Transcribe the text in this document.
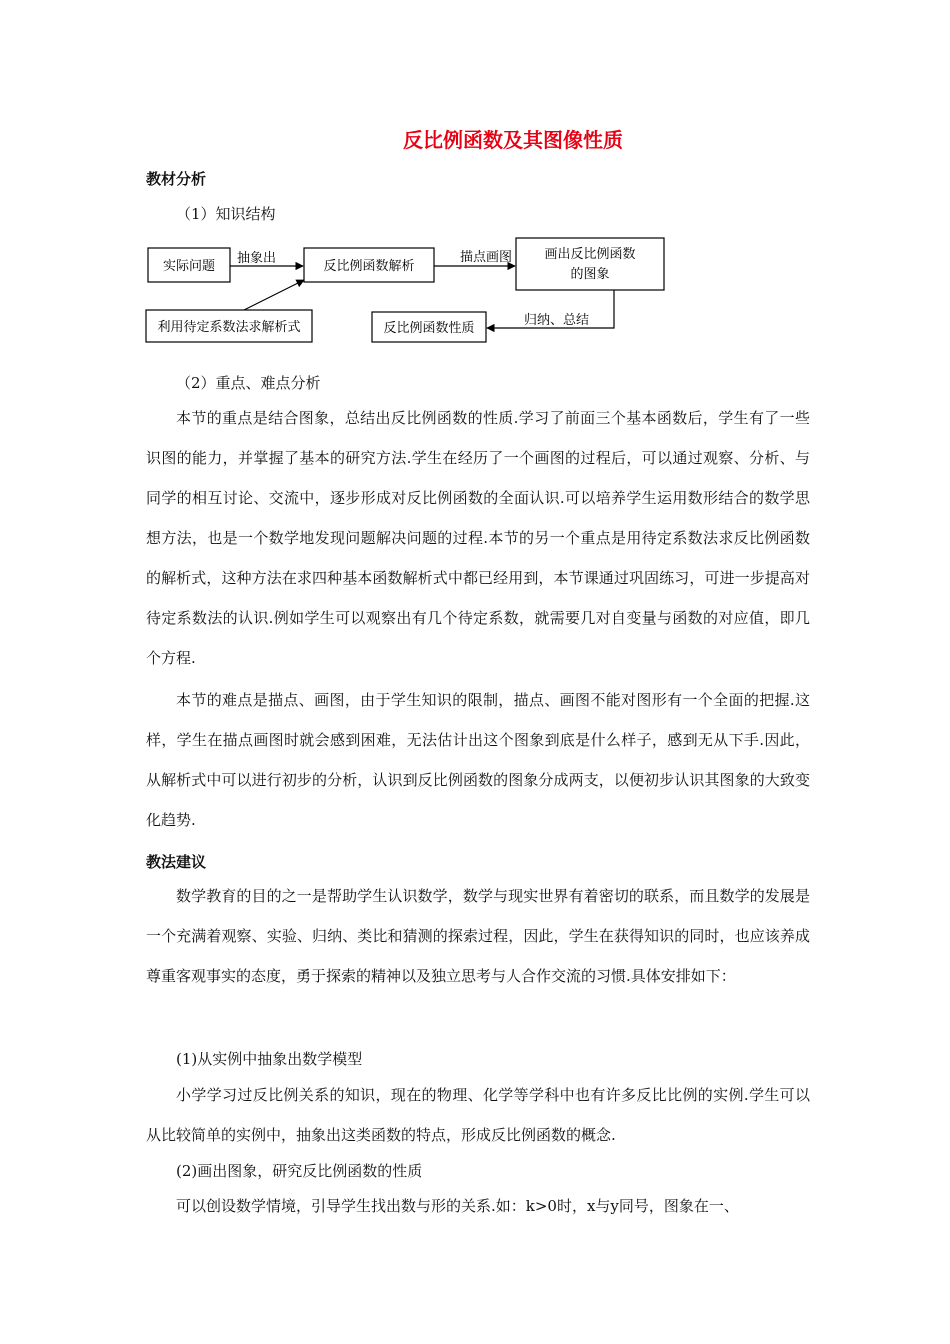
反比例函数及其图像性质
教材分析
（1）知识结构
实际问题
抽象出
反比例函数解析
描点画图 画出反比例函数
的图象
利用待定系数法求解析式	反比例函数性质
归纳、总结
（2）重点、难点分析

本节的重点是结合图象，总结出反比例函数的性质.学习了前面三个基本函数后，学生有了一些识图的能力，并掌握了基本的研究方法.学生在经历了一个画图的过程后，可以通过观察、分析、与同学的相互讨论、交流中，逐步形成对反比例函数的全面认识.可以培养学生运用数形结合的数学思想方法，也是一个数学地发现问题解决问题的过程.本节的另一个重点是用待定系数法求反比例函数的解析式，这种方法在求四种基本函数解析式中都已经用到，本节课通过巩固练习，可进一步提高对待定系数法的认识.例如学生可以观察出有几个待定系数，就需要几对自变量与函数的对应值，即几个方程.

本节的难点是描点、画图，由于学生知识的限制，描点、画图不能对图形有一个全面的把握.这样，学生在描点画图时就会感到困难，无法估计出这个图象到底是什么样子，感到无从下手.因此，从解析式中可以进行初步的分析，认识到反比例函数的图象分成两支，以便初步认识其图象的大致变化趋势.

教法建议

数学教育的目的之一是帮助学生认识数学，数学与现实世界有着密切的联系，而且数学的发展是一个充满着观察、实验、归纳、类比和猜测的探索过程，因此，学生在获得知识的同时，也应该养成尊重客观事实的态度，勇于探索的精神以及独立思考与人合作交流的习惯.具体安排如下：

(1)从实例中抽象出数学模型

小学学习过反比例关系的知识，现在的物理、化学等学科中也有许多反比比例的实例.学生可以从比较简单的实例中，抽象出这类函数的特点，形成反比例函数的概念.

(2)画出图象，研究反比例函数的性质

可以创设数学情境，引导学生找出数与形的关系.如：k>0时，x与y同号，图象在一、
